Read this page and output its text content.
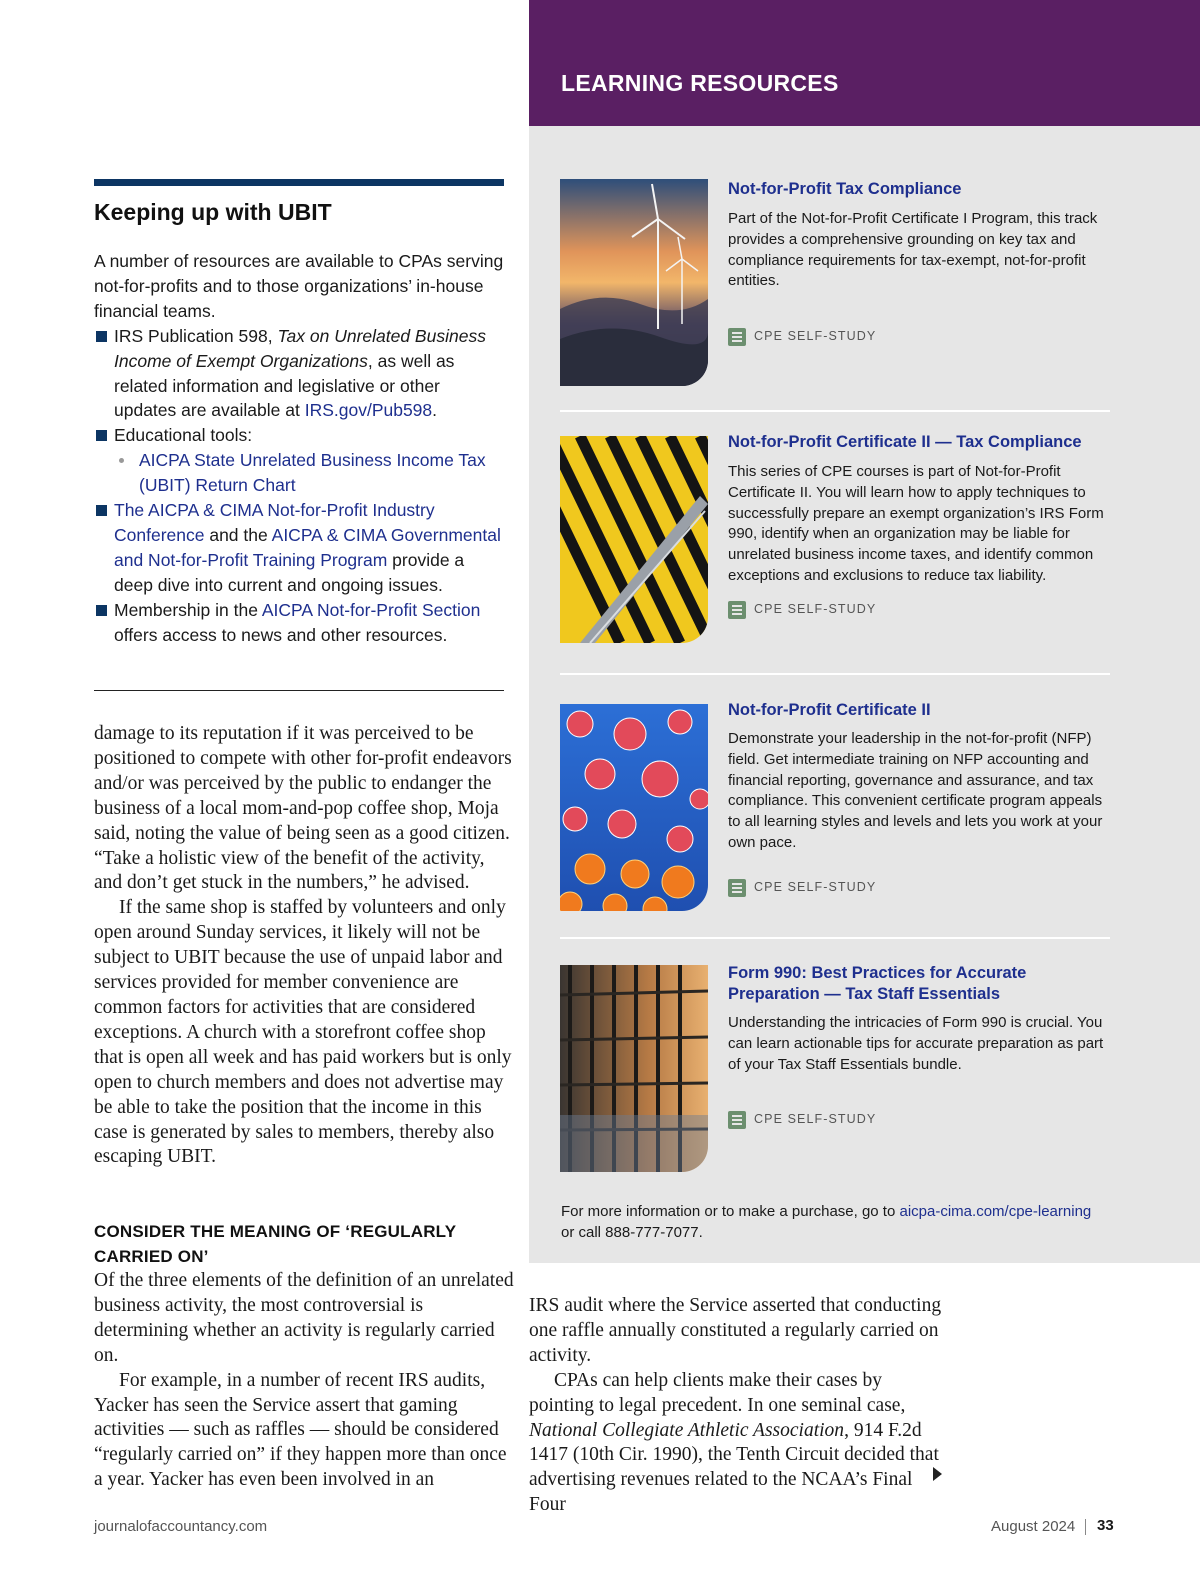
LEARNING RESOURCES
Not-for-Profit Tax Compliance
Part of the Not-for-Profit Certificate I Program, this track provides a comprehensive grounding on key tax and compliance requirements for tax-exempt, not-for-profit entities.
CPE SELF-STUDY
Not-for-Profit Certificate II — Tax Compliance
This series of CPE courses is part of Not-for-Profit Certificate II. You will learn how to apply techniques to successfully prepare an exempt organization’s IRS Form 990, identify when an organization may be liable for unrelated business income taxes, and identify common exceptions and exclusions to reduce tax liability.
CPE SELF-STUDY
Not-for-Profit Certificate II
Demonstrate your leadership in the not-for-profit (NFP) field. Get intermediate training on NFP accounting and financial reporting, governance and assurance, and tax compliance. This convenient certificate program appeals to all learning styles and levels and lets you work at your own pace.
CPE SELF-STUDY
Form 990: Best Practices for Accurate Preparation — Tax Staff Essentials
Understanding the intricacies of Form 990 is crucial. You can learn actionable tips for accurate preparation as part of your Tax Staff Essentials bundle.
CPE SELF-STUDY
For more information or to make a purchase, go to aicpa-cima.com/cpe-learning
or call 888-777-7077.
Keeping up with UBIT

A number of resources are available to CPAs serving not-for-profits and to those organizations’ in-house financial teams.

IRS Publication 598, Tax on Unrelated Business Income of Exempt Organizations, as well as related information and legislative or other updates are available at IRS.gov/Pub598.

Educational tools:

AICPA State Unrelated Business Income Tax (UBIT) Return Chart

The AICPA & CIMA Not-for-Profit Industry Conference and the AICPA & CIMA Governmental and Not-for-Profit Training Program provide a deep dive into current and ongoing issues.

Membership in the AICPA Not-for-Profit Section offers access to news and other resources.

damage to its reputation if it was perceived to be positioned to compete with other for-profit endeavors and/or was perceived by the public to endanger the business of a local mom-and-pop coffee shop, Moja said, noting the value of being seen as a good citizen. “Take a holistic view of the benefit of the activity, and don’t get stuck in the numbers,” he advised.

If the same shop is staffed by volunteers and only open around Sunday services, it likely will not be subject to UBIT because the use of unpaid labor and services provided for member convenience are common factors for activities that are considered exceptions. A church with a storefront coffee shop that is open all week and has paid workers but is only open to church members and does not advertise may be able to take the position that the income in this case is generated by sales to members, thereby also escaping UBIT.

CONSIDER THE MEANING OF ‘REGULARLY CARRIED ON’

Of the three elements of the definition of an unrelated business activity, the most controversial is determining whether an activity is regularly carried on.

For example, in a number of recent IRS audits, Yacker has seen the Service assert that gaming activities — such as raffles — should be considered “regularly carried on” if they happen more than once a year. Yacker has even been involved in an

IRS audit where the Service asserted that conducting one raffle annually constituted a regularly carried on activity.

CPAs can help clients make their cases by pointing to legal precedent. In one seminal case, National Collegiate Athletic Association, 914 F.2d 1417 (10th Cir. 1990), the Tenth Circuit decided that advertising revenues related to the NCAA’s Final Four

journalofaccountancy.com	August 2024 33
